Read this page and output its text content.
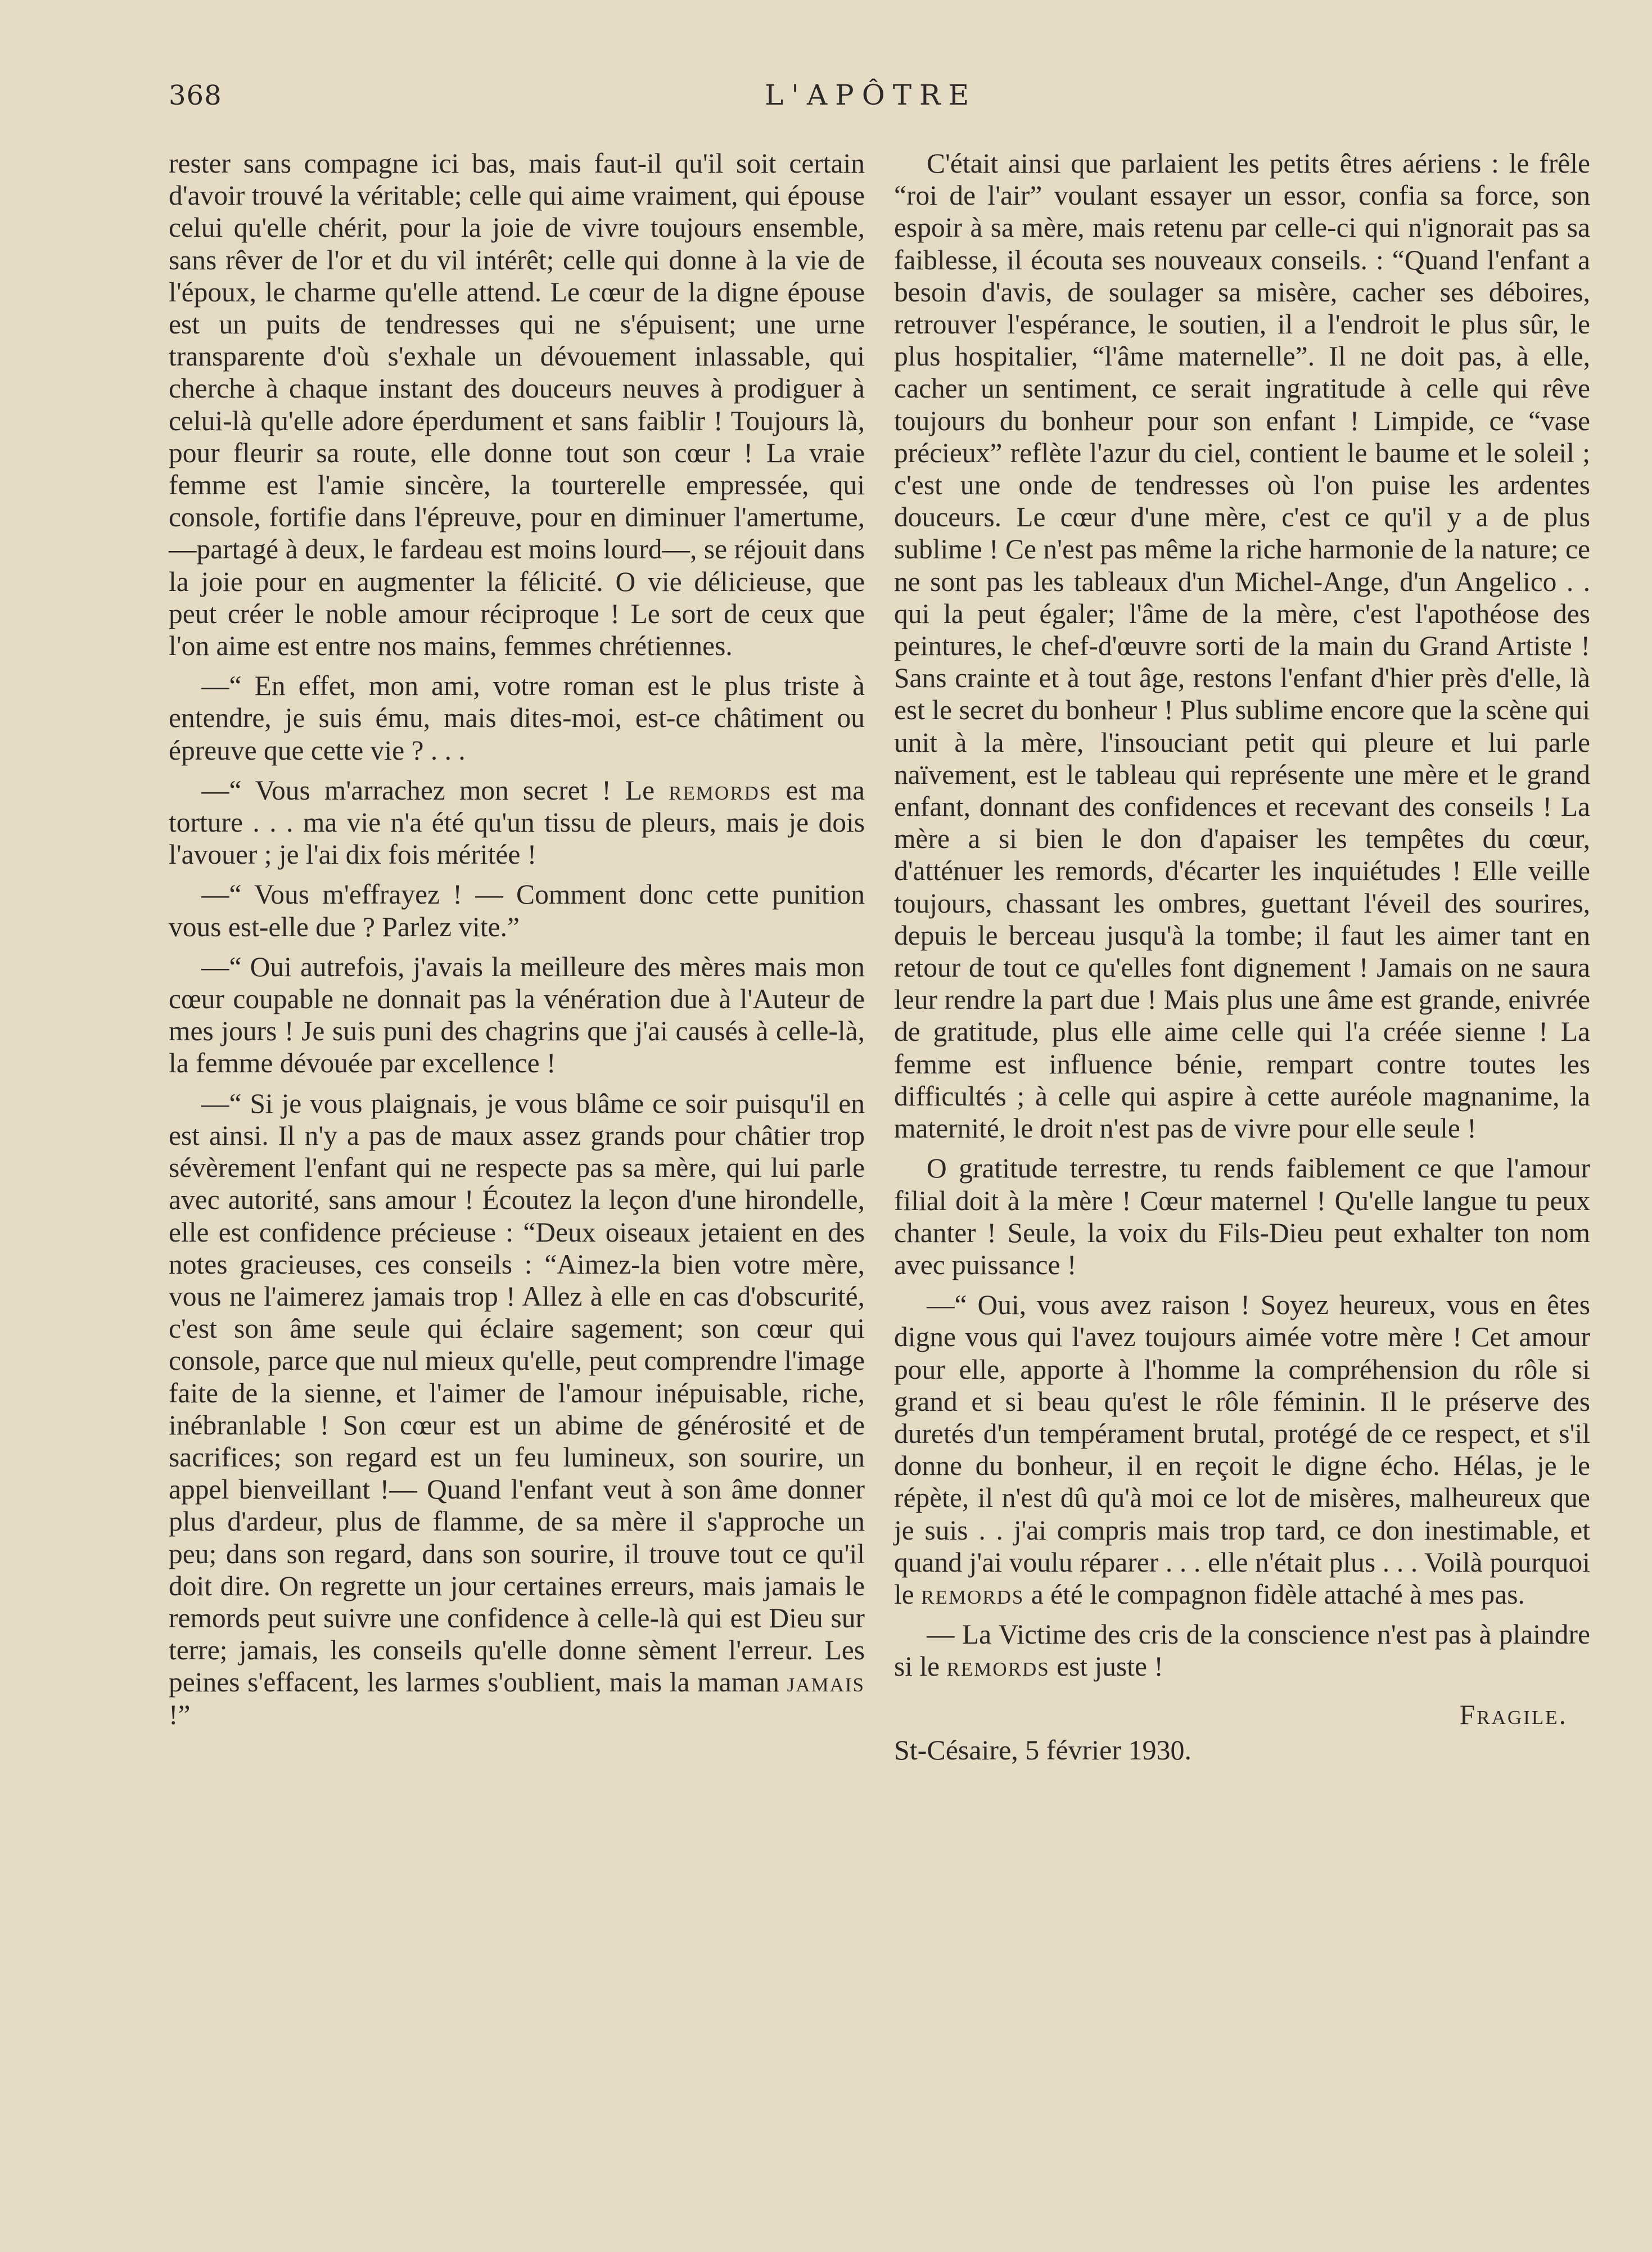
368	L'APÔTRE

rester sans compagne ici bas, mais faut-il qu'il soit certain d'avoir trouvé la véritable; celle qui aime vraiment, qui épouse celui qu'elle chérit, pour la joie de vivre toujours ensemble, sans rêver de l'or et du vil intérêt; celle qui donne à la vie de l'époux, le charme qu'elle attend. Le cœur de la digne épouse est un puits de tendresses qui ne s'épuisent; une urne transparente d'où s'exhale un dévouement inlassable, qui cherche à chaque instant des douceurs neuves à prodiguer à celui-là qu'elle adore éperdument et sans faiblir ! Toujours là, pour fleurir sa route, elle donne tout son cœur ! La vraie femme est l'amie sincère, la tourterelle empressée, qui console, fortifie dans l'épreuve, pour en diminuer l'amertume, —partagé à deux, le fardeau est moins lourd—, se réjouit dans la joie pour en augmenter la félicité. O vie délicieuse, que peut créer le noble amour réciproque ! Le sort de ceux que l'on aime est entre nos mains, femmes chrétiennes.

—“ En effet, mon ami, votre roman est le plus triste à entendre, je suis ému, mais dites-moi, est-ce châtiment ou épreuve que cette vie ? . . .

—“ Vous m'arrachez mon secret ! Le remords est ma torture . . . ma vie n'a été qu'un tissu de pleurs, mais je dois l'avouer ; je l'ai dix fois méritée !

—“ Vous m'effrayez ! — Comment donc cette punition vous est-elle due ? Parlez vite.”

—“ Oui autrefois, j'avais la meilleure des mères mais mon cœur coupable ne donnait pas la vénération due à l'Auteur de mes jours ! Je suis puni des chagrins que j'ai causés à celle-là, la femme dévouée par excellence !

—“ Si je vous plaignais, je vous blâme ce soir puisqu'il en est ainsi. Il n'y a pas de maux assez grands pour châtier trop sévèrement l'enfant qui ne respecte pas sa mère, qui lui parle avec autorité, sans amour ! Écoutez la leçon d'une hirondelle, elle est confidence précieuse : “Deux oiseaux jetaient en des notes gracieuses, ces conseils : “Aimez-la bien votre mère, vous ne l'aimerez jamais trop ! Allez à elle en cas d'obscurité, c'est son âme seule qui éclaire sagement; son cœur qui console, parce que nul mieux qu'elle, peut comprendre l'image faite de la sienne, et l'aimer de l'amour inépuisable, riche, inébranlable ! Son cœur est un abime de générosité et de sacrifices; son regard est un feu lumineux, son sourire, un appel bienveillant !— Quand l'enfant veut à son âme donner plus d'ardeur, plus de flamme, de sa mère il s'approche un peu; dans son regard, dans son sourire, il trouve tout ce qu'il doit dire. On regrette un jour certaines erreurs, mais jamais le remords peut suivre une confidence à celle-là qui est Dieu sur terre; jamais, les conseils qu'elle donne sèment l'erreur. Les peines s'effacent, les larmes s'oublient, mais la maman jamais !”

C'était ainsi que parlaient les petits êtres aériens : le frêle “roi de l'air” voulant essayer un essor, confia sa force, son espoir à sa mère, mais retenu par celle-ci qui n'ignorait pas sa faiblesse, il écouta ses nouveaux conseils. : “Quand l'enfant a besoin d'avis, de soulager sa misère, cacher ses déboires, retrouver l'espérance, le soutien, il a l'endroit le plus sûr, le plus hospitalier, “l'âme maternelle”. Il ne doit pas, à elle, cacher un sentiment, ce serait ingratitude à celle qui rêve toujours du bonheur pour son enfant ! Limpide, ce “vase précieux” reflète l'azur du ciel, contient le baume et le soleil ; c'est une onde de tendresses où l'on puise les ardentes douceurs. Le cœur d'une mère, c'est ce qu'il y a de plus sublime ! Ce n'est pas même la riche harmonie de la nature; ce ne sont pas les tableaux d'un Michel-Ange, d'un Angelico . . qui la peut égaler; l'âme de la mère, c'est l'apothéose des peintures, le chef-d'œuvre sorti de la main du Grand Artiste ! Sans crainte et à tout âge, restons l'enfant d'hier près d'elle, là est le secret du bonheur ! Plus sublime encore que la scène qui unit à la mère, l'insouciant petit qui pleure et lui parle naïvement, est le tableau qui représente une mère et le grand enfant, donnant des confidences et recevant des conseils ! La mère a si bien le don d'apaiser les tempêtes du cœur, d'atténuer les remords, d'écarter les inquiétudes ! Elle veille toujours, chassant les ombres, guettant l'éveil des sourires, depuis le berceau jusqu'à la tombe; il faut les aimer tant en retour de tout ce qu'elles font dignement ! Jamais on ne saura leur rendre la part due ! Mais plus une âme est grande, enivrée de gratitude, plus elle aime celle qui l'a créée sienne ! La femme est influence bénie, rempart contre toutes les difficultés ; à celle qui aspire à cette auréole magnanime, la maternité, le droit n'est pas de vivre pour elle seule !

O gratitude terrestre, tu rends faiblement ce que l'amour filial doit à la mère ! Cœur maternel ! Qu'elle langue tu peux chanter ! Seule, la voix du Fils-Dieu peut exhalter ton nom avec puissance !

—“ Oui, vous avez raison ! Soyez heureux, vous en êtes digne vous qui l'avez toujours aimée votre mère ! Cet amour pour elle, apporte à l'homme la compréhension du rôle si grand et si beau qu'est le rôle féminin. Il le préserve des duretés d'un tempérament brutal, protégé de ce respect, et s'il donne du bonheur, il en reçoit le digne écho. Hélas, je le répète, il n'est dû qu'à moi ce lot de misères, malheureux que je suis . . j'ai compris mais trop tard, ce don inestimable, et quand j'ai voulu réparer . . . elle n'était plus . . . Voilà pourquoi le remords a été le compagnon fidèle attaché à mes pas.

— La Victime des cris de la conscience n'est pas à plaindre si le remords est juste !

Fragile.
St-Césaire, 5 février 1930.
